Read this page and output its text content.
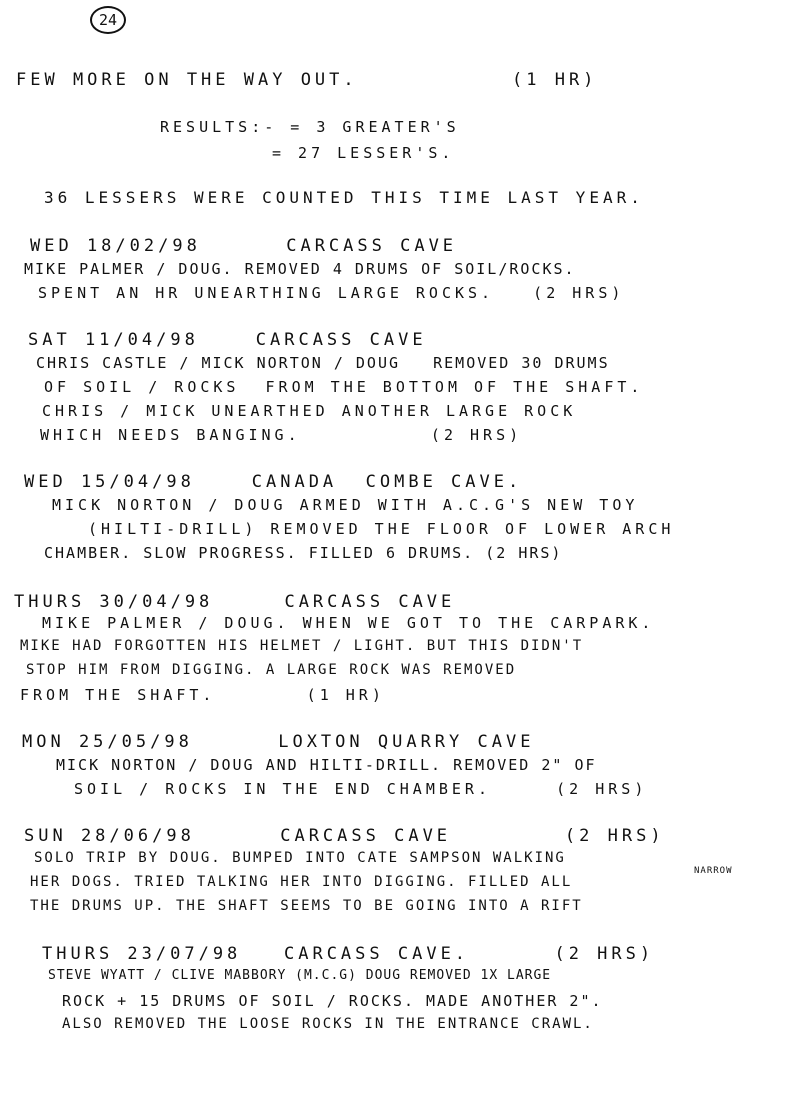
24
FEW MORE ON THE WAY OUT.	(1 HR)
RESULTS:- = 3 GREATER'S
= 27 LESSER'S.
36 LESSERS WERE COUNTED THIS TIME LAST YEAR.
WED 18/02/98      CARCASS CAVE
MIKE PALMER / DOUG. REMOVED 4 DRUMS OF SOIL/ROCKS.
SPENT AN HR UNEARTHING LARGE ROCKS.   (2 HRS)
SAT 11/04/98    CARCASS CAVE
CHRIS CASTLE / MICK NORTON / DOUG   REMOVED 30 DRUMS
OF SOIL / ROCKS  FROM THE BOTTOM OF THE SHAFT.
CHRIS / MICK UNEARTHED ANOTHER LARGE ROCK
WHICH NEEDS BANGING.          (2 HRS)
WED 15/04/98    CANADA  COMBE CAVE.
MICK NORTON / DOUG ARMED WITH A.C.G'S NEW TOY
(HILTI-DRILL) REMOVED THE FLOOR OF LOWER ARCH
CHAMBER. SLOW PROGRESS. FILLED 6 DRUMS. (2 HRS)
THURS 30/04/98     CARCASS CAVE
MIKE PALMER / DOUG. WHEN WE GOT TO THE CARPARK.
MIKE HAD FORGOTTEN HIS HELMET / LIGHT. BUT THIS DIDN'T
STOP HIM FROM DIGGING. A LARGE ROCK WAS REMOVED
FROM THE SHAFT.       (1 HR)
MON 25/05/98      LOXTON QUARRY CAVE
MICK NORTON / DOUG AND HILTI-DRILL. REMOVED 2" OF
SOIL / ROCKS IN THE END CHAMBER.     (2 HRS)
SUN 28/06/98      CARCASS CAVE        (2 HRS)
SOLO TRIP BY DOUG. BUMPED INTO CATE SAMPSON WALKING
HER DOGS. TRIED TALKING HER INTO DIGGING. FILLED ALL
NARROW
THE DRUMS UP. THE SHAFT SEEMS TO BE GOING INTO A RIFT
THURS 23/07/98   CARCASS CAVE.      (2 HRS)
STEVE WYATT / CLIVE MABBORY (M.C.G) DOUG REMOVED 1X LARGE
ROCK + 15 DRUMS OF SOIL / ROCKS. MADE ANOTHER 2".
ALSO REMOVED THE LOOSE ROCKS IN THE ENTRANCE CRAWL.
